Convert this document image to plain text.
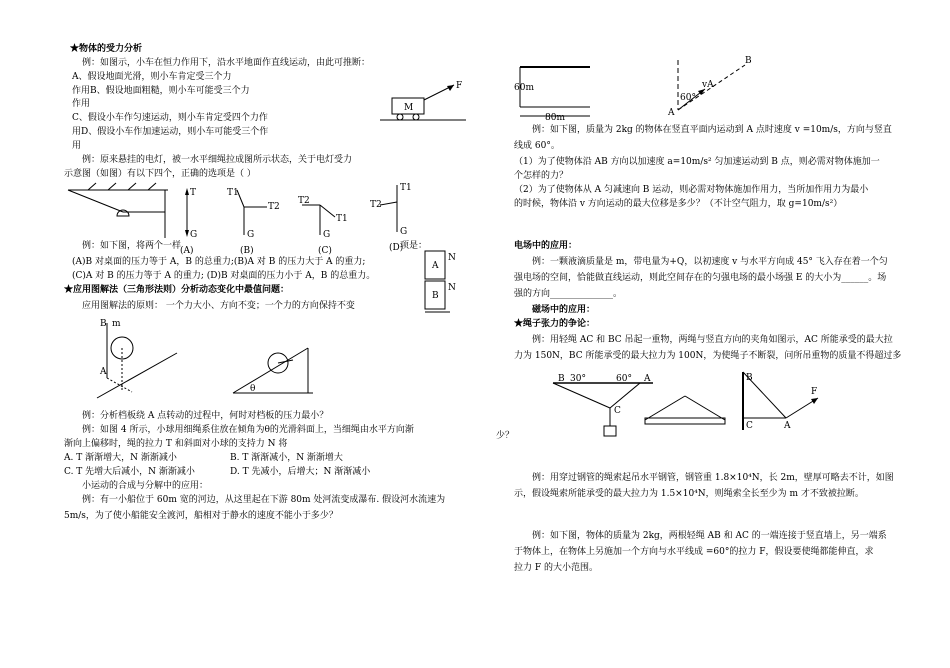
★物体的受力分析
例：如图示，小车在恒力作用下，沿水平地面作直线运动，由此可推断：
A、假设地面光滑，则小车肯定受三个力
作用B、假设地面粗糙，则小车可能受三个力
作用
C、假设小车作匀速运动，则小车肯定受四个力作
用D、假设小车作加速运动，则小车可能受三个作
用
例：原来悬挂的电灯，被一水平细绳拉成图所示状态，关于电灯受力
示意图（如图）有以下四个，正确的选项是（ ）
M
F
T
G
(A)
T1
T2
G
(B)
T2
T1
G
(C)
T2
T1
G
(D)
例：如下图，将两个一样	项是：
(A)B 对桌面的压力等于 A，B 的总重力;(B)A 对 B 的压力大于 A 的重力;
(C)A 对 B 的压力等于 A 的重力; (D)B 对桌面的压力小于 A，B 的总重力。
A
B
N
N
★应用图解法（三角形法则）分析动态变化中最值问题：
应用图解法的原则： 一个力大小、方向不变；一个力的方向保持不变
B m
A
θ
例：分析档板绕 A 点转动的过程中，何时对档板的压力最小？
例：如图 4 所示，小球用细绳系住放在倾角为θ的光滑斜面上，当细绳由水平方向渐
渐向上偏移时，绳的拉力 T 和斜面对小球的支持力 N 将
A. T 渐渐增大，N 渐渐减小	B. T 渐渐减小，N 渐渐增大
C. T 先增大后减小，N 渐渐减小	D. T 先减小，后增大；N 渐渐减小
小运动的合成与分解中的应用：
例：有一小船位于 60m 宽的河边，从这里起在下游 80m 处河流变成瀑布. 假设河水流速为
5m/s，为了使小船能安全渡河，船相对于静水的速度不能小于多少？
60m
80m
B
A
60°
vA
例：如下图，质量为 2kg 的物体在竖直平面内运动到 A 点时速度 v =10m/s，方向与竖直
线成 60°。
（1）为了使物体沿 AB 方向以加速度 a=10m/s² 匀加速运动到 B 点，则必需对物体施加一
个怎样的力？
（2）为了使物体从 A 匀减速向 B 运动，则必需对物体施加作用力，当所加作用力为最小
的时候，物体沿 v 方向运动的最大位移是多少？（不计空气阻力，取 g=10m/s²）
电场中的应用：
例：一颗液滴质量是 m，带电量为+Q，以初速度 v 与水平方向成 45° 飞入存在着一个匀
强电场的空间，恰能做直线运动，则此空间存在的匀强电场的最小场强 E 的大小为______。场
强的方向______________。
磁场中的应用：
★绳子张力的争论：
例：用轻绳 AC 和 BC 吊起一重物，两绳与竖直方向的夹角如图示，AC 所能承受的最大拉
力为 150N，BC 所能承受的最大拉力为 100N，为使绳子不断裂，问所吊重物的质量不得超过多
B 30°	60° A
C
B
C	A
F
少？
例：用穿过钢管的绳索起吊水平钢管，钢管重 1.8×10⁴N，长 2m，壁厚可略去不计，如图
示，假设绳索所能承受的最大拉力为 1.5×10⁴N，则绳索全长至少为 m 才不致被拉断。
例：如下图，物体的质量为 2kg，两根轻绳 AB 和 AC 的一端连接于竖直墙上，另一端系
于物体上，在物体上另施加一个方向与水平线成 =60°的拉力 F，假设要使绳都能伸直，求
拉力 F 的大小范围。
